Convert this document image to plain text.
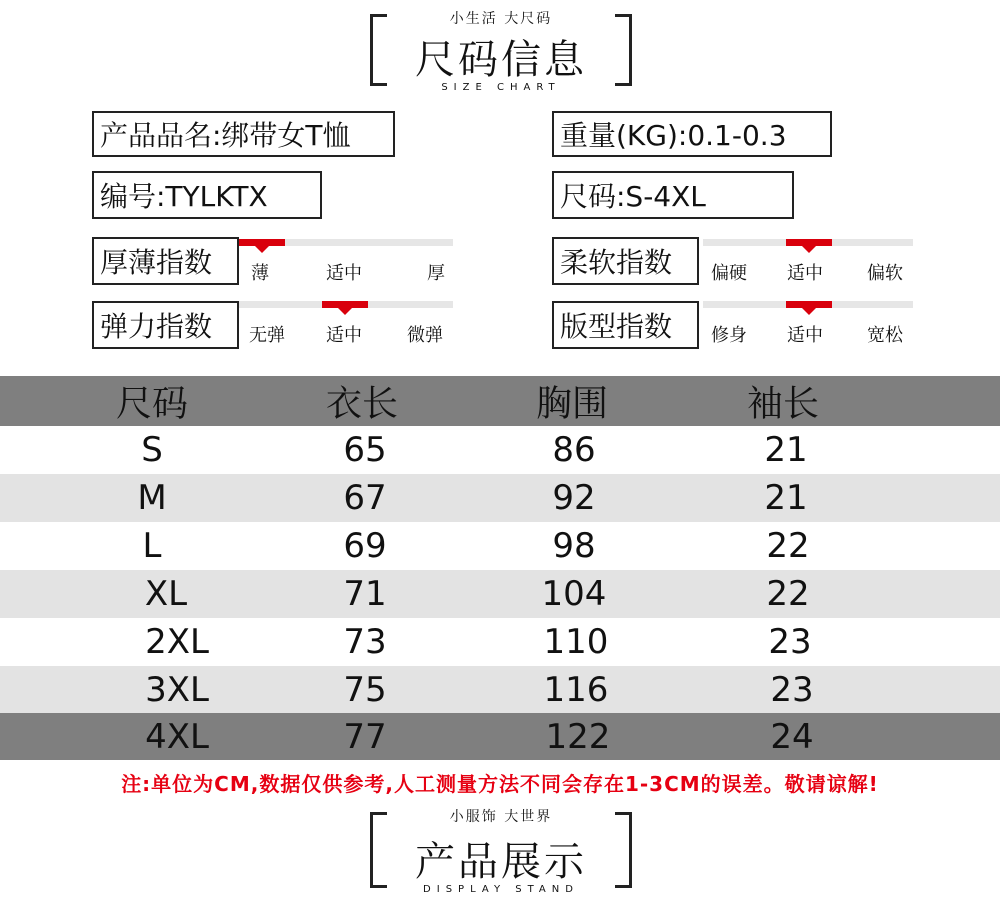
小生活 大尺码
尺码信息
SIZE CHART
产品品名:绑带女T恤	重量(KG):0.1-0.3
编号:TYLKTX	尺码:S-4XL
厚薄指数 薄	适中	厚	柔软指数 偏硬 适中 偏软
弹力指数 无弹 适中	微弹	版型指数 修身 适中 宽松
尺码	衣长	胸围	袖长
S	65	86	21
M	67	92	21
L	69	98	22
XL	71	104	22
2XL	73	110	23
3XL	75	116	23
4XL	77	122	24
注:单位为CM,数据仅供参考,人工测量方法不同会存在1-3CM的误差。敬请谅解!
小服饰 大世界
产品展示
DISPLAY STAND
